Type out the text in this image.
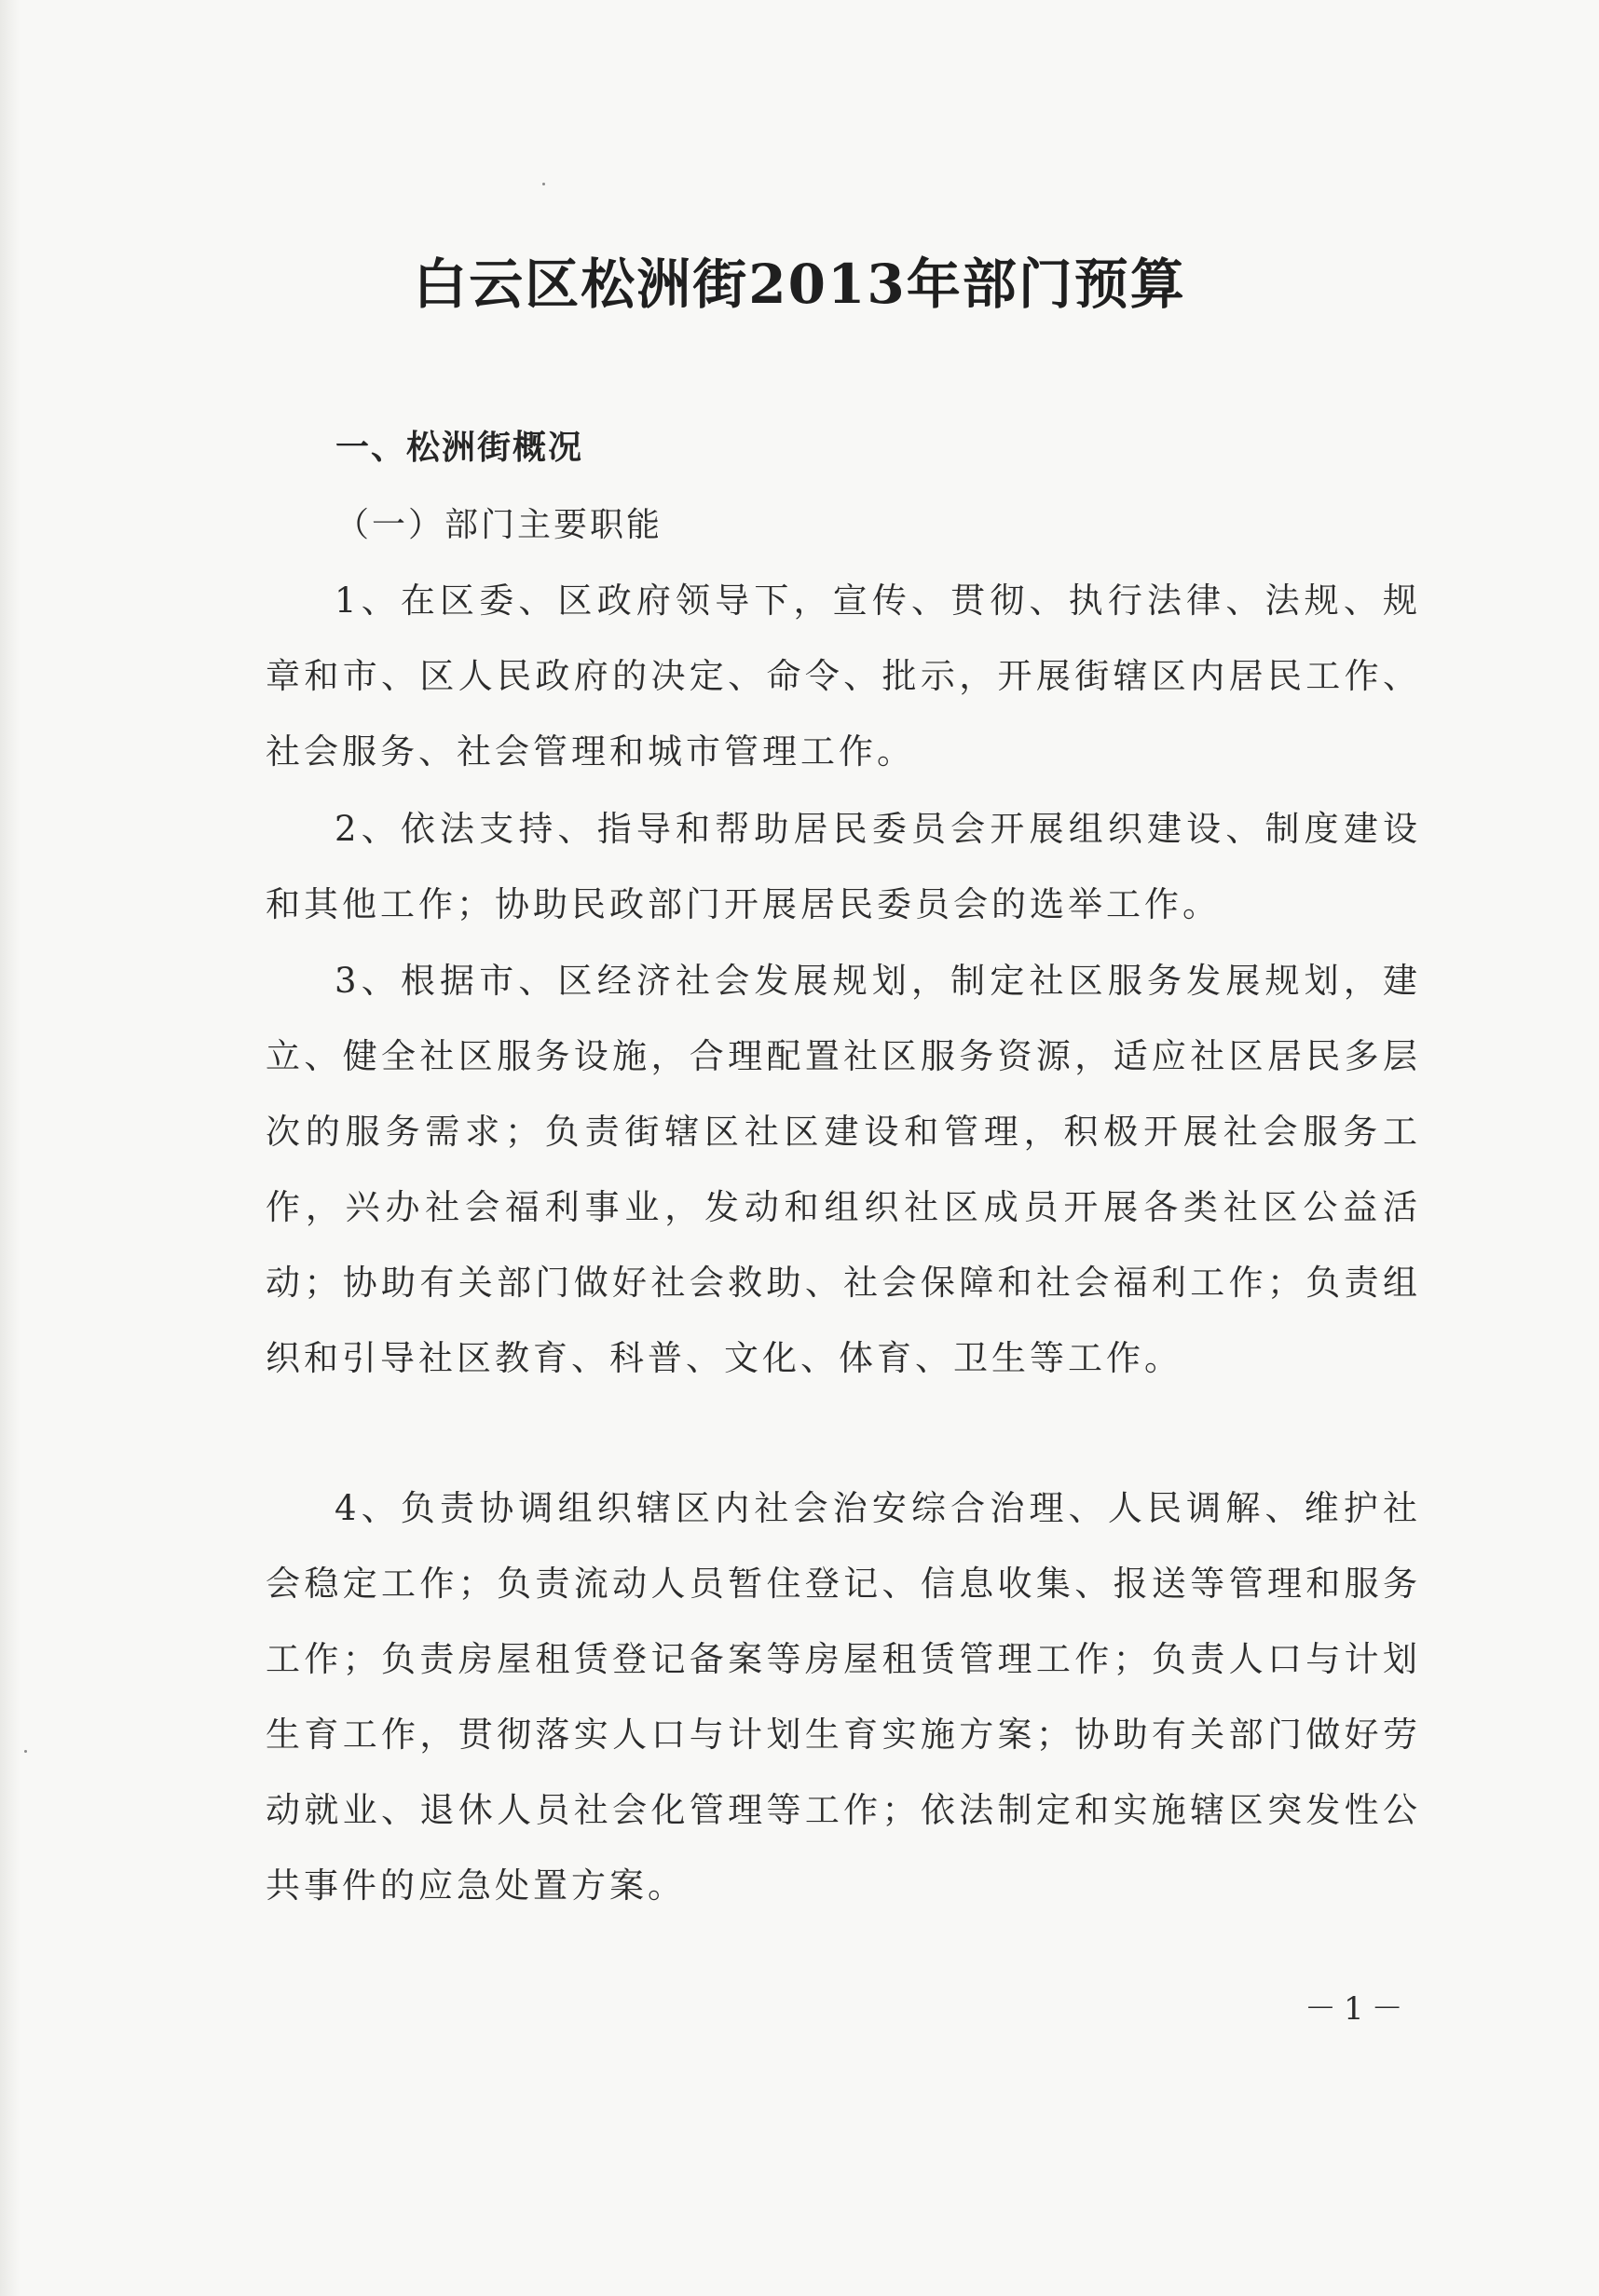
白云区松洲街2013年部门预算
一、松洲街概况
（一）部门主要职能
1、在区委、区政府领导下，宣传、贯彻、执行法律、法规、规章和市、区人民政府的决定、命令、批示，开展街辖区内居民工作、社会服务、社会管理和城市管理工作。
2、依法支持、指导和帮助居民委员会开展组织建设、制度建设和其他工作；协助民政部门开展居民委员会的选举工作。
3、根据市、区经济社会发展规划，制定社区服务发展规划，建立、健全社区服务设施，合理配置社区服务资源，适应社区居民多层次的服务需求；负责街辖区社区建设和管理，积极开展社会服务工作，兴办社会福利事业，发动和组织社区成员开展各类社区公益活动；协助有关部门做好社会救助、社会保障和社会福利工作；负责组织和引导社区教育、科普、文化、体育、卫生等工作。
4、负责协调组织辖区内社会治安综合治理、人民调解、维护社会稳定工作；负责流动人员暂住登记、信息收集、报送等管理和服务工作；负责房屋租赁登记备案等房屋租赁管理工作；负责人口与计划生育工作，贯彻落实人口与计划生育实施方案；协助有关部门做好劳动就业、退休人员社会化管理等工作；依法制定和实施辖区突发性公共事件的应急处置方案。
－1－
